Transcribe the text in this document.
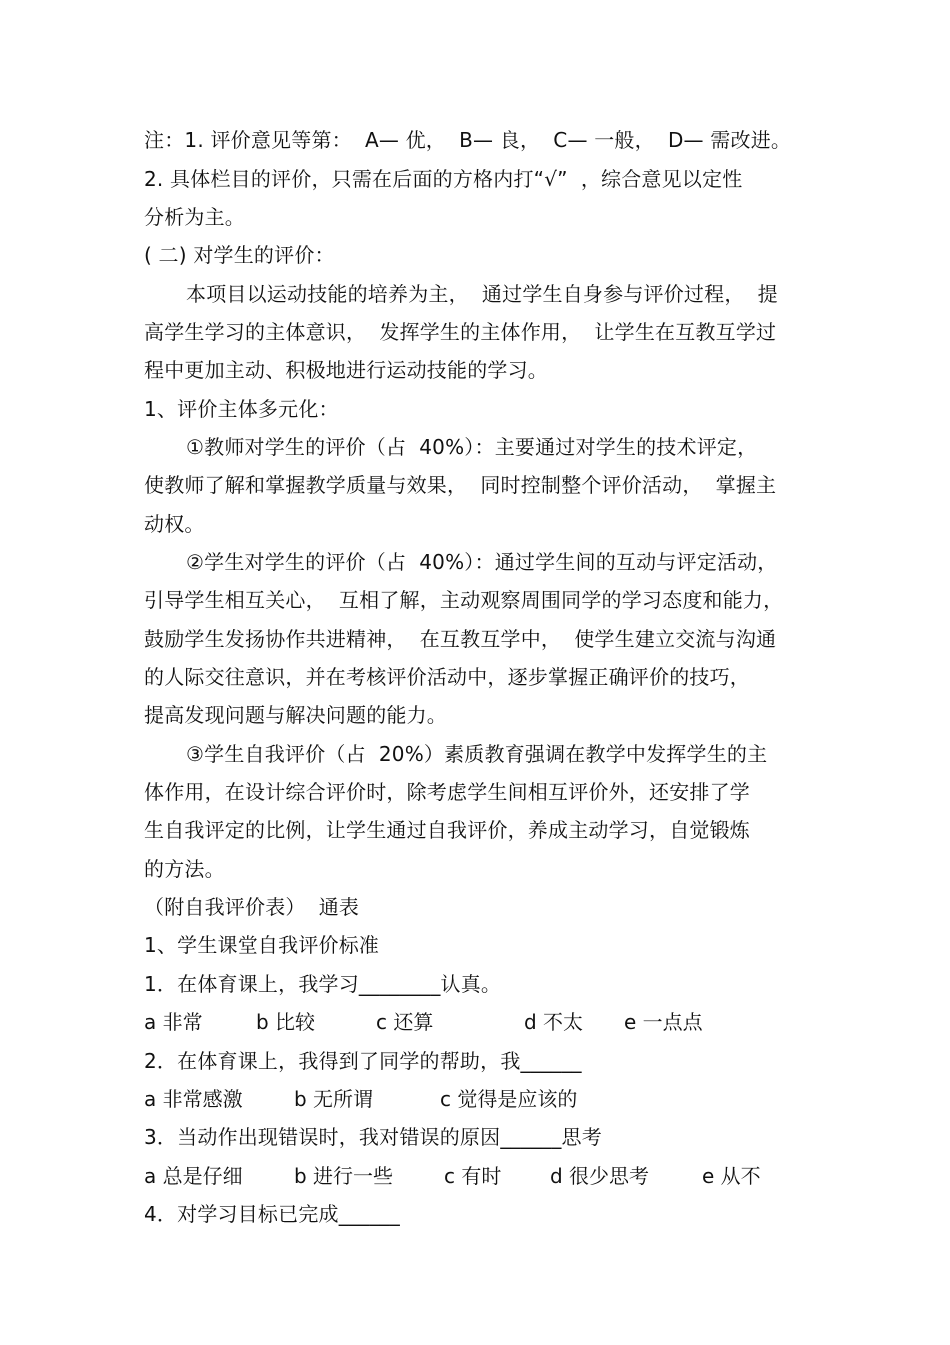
注：1. 评价意见等第：  A— 优，  B— 良，  C— 一般，  D— 需改进。
2. 具体栏目的评价，只需在后面的方格内打“√”  ，综合意见以定性
分析为主。
( 二) 对学生的评价：
本项目以运动技能的培养为主，  通过学生自身参与评价过程，  提
高学生学习的主体意识，  发挥学生的主体作用，  让学生在互教互学过
程中更加主动、积极地进行运动技能的学习。
1、评价主体多元化：
①教师对学生的评价（占  40%）：主要通过对学生的技术评定，
使教师了解和掌握教学质量与效果，  同时控制整个评价活动，  掌握主
动权。
②学生对学生的评价（占  40%）：通过学生间的互动与评定活动，
引导学生相互关心，  互相了解，主动观察周围同学的学习态度和能力，
鼓励学生发扬协作共进精神，  在互教互学中，  使学生建立交流与沟通
的人际交往意识，并在考核评价活动中，逐步掌握正确评价的技巧，
提高发现问题与解决问题的能力。
③学生自我评价（占  20%）素质教育强调在教学中发挥学生的主
体作用，在设计综合评价时，除考虑学生间相互评价外，还安排了学
生自我评定的比例，让学生通过自我评价，养成主动学习，自觉锻炼
的方法。
（附自我评价表）  通表
1、学生课堂自我评价标准
1．在体育课上，我学习________认真。

a 非常

	b 比较

	c 还算

	d 不太

e 一点点

2．在体育课上，我得到了同学的帮助，我______

a 非常感激

	b 无所谓

	c 觉得是应该的

3．当动作出现错误时，我对错误的原因______思考

a 总是仔细

	b 进行一些

	c 有时

d 很少思考

	e 从不

4．对学习目标已完成______
